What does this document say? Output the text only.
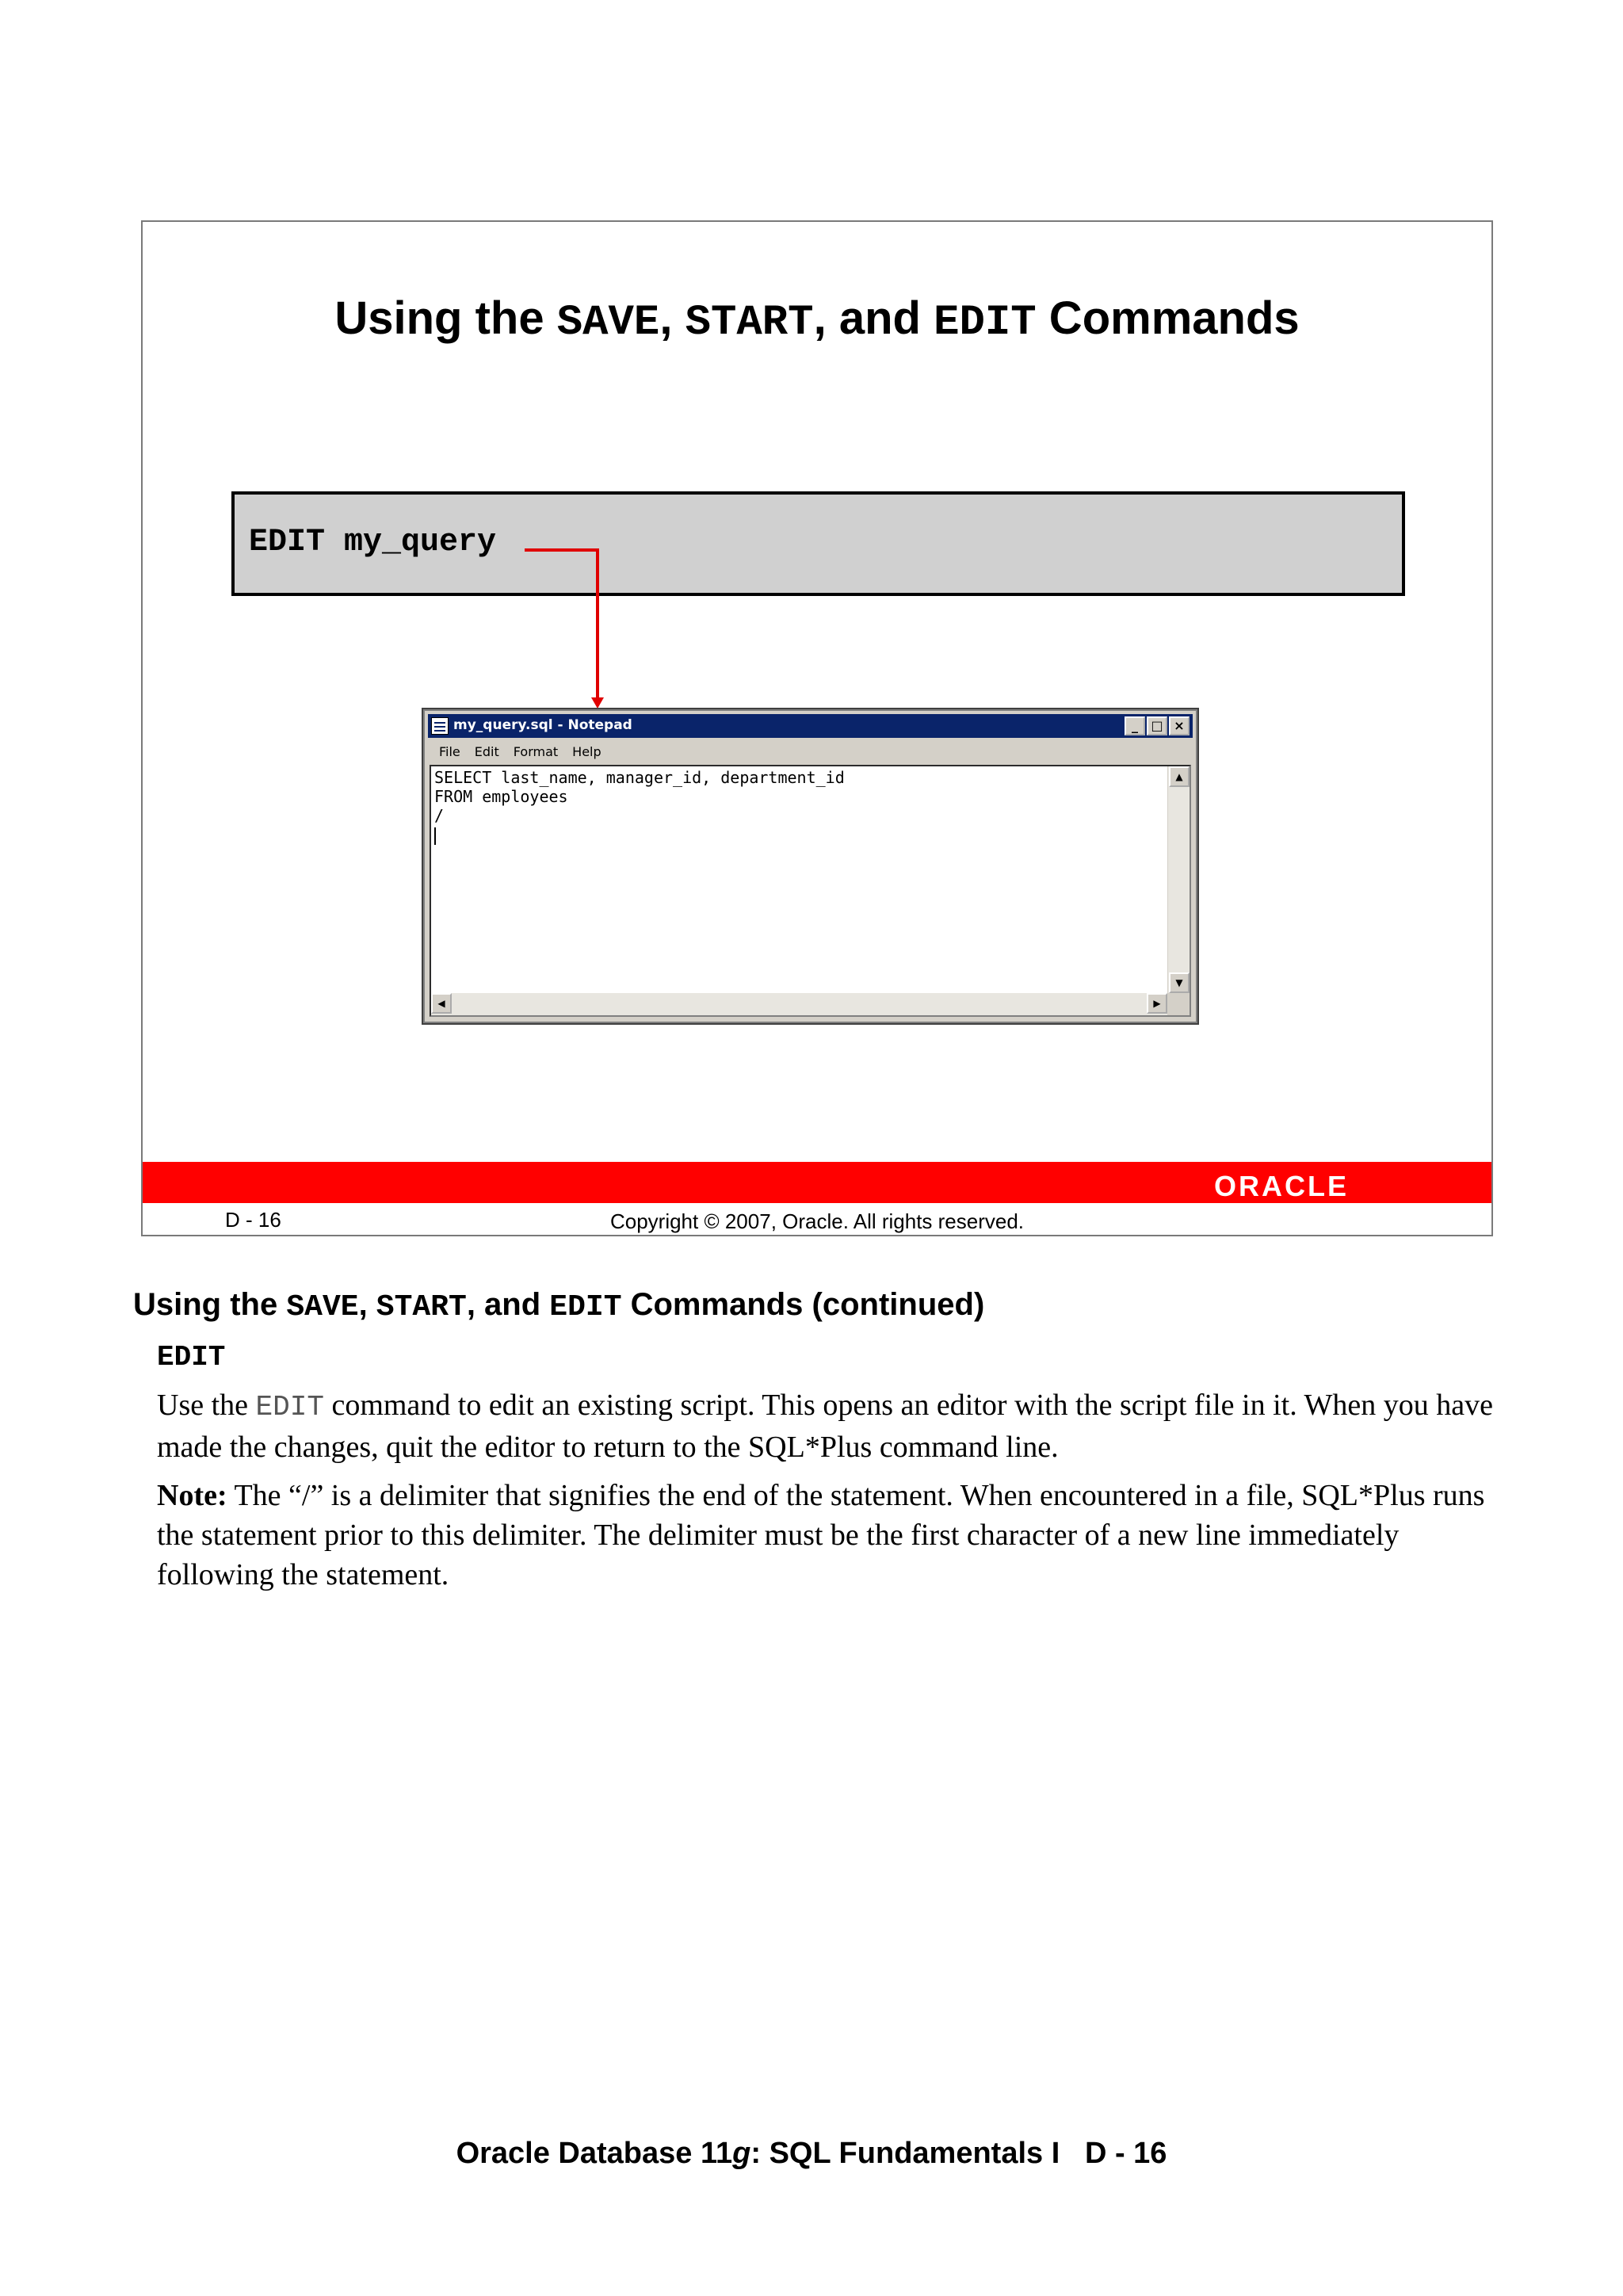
Using the SAVE, START, and EDIT Commands
EDIT my_query
my_query.sql - Notepad	_	□ ×
File Edit Format Help
SELECT last_name, manager_id, department_id
FROM employees
/
▲
▼
◀	▶
ORACLE
D - 16	Copyright © 2007, Oracle. All rights reserved.
Using the SAVE, START, and EDIT Commands (continued)
EDIT
Use the EDIT command to edit an existing script. This opens an editor with the script file in it. When you have made the changes, quit the editor to return to the SQL*Plus command line.
Note: The “/” is a delimiter that signifies the end of the statement. When encountered in a file, SQL*Plus runs the statement prior to this delimiter. The delimiter must be the first character of a new line immediately following the statement.
Oracle Database 11g: SQL Fundamentals I   D - 16
